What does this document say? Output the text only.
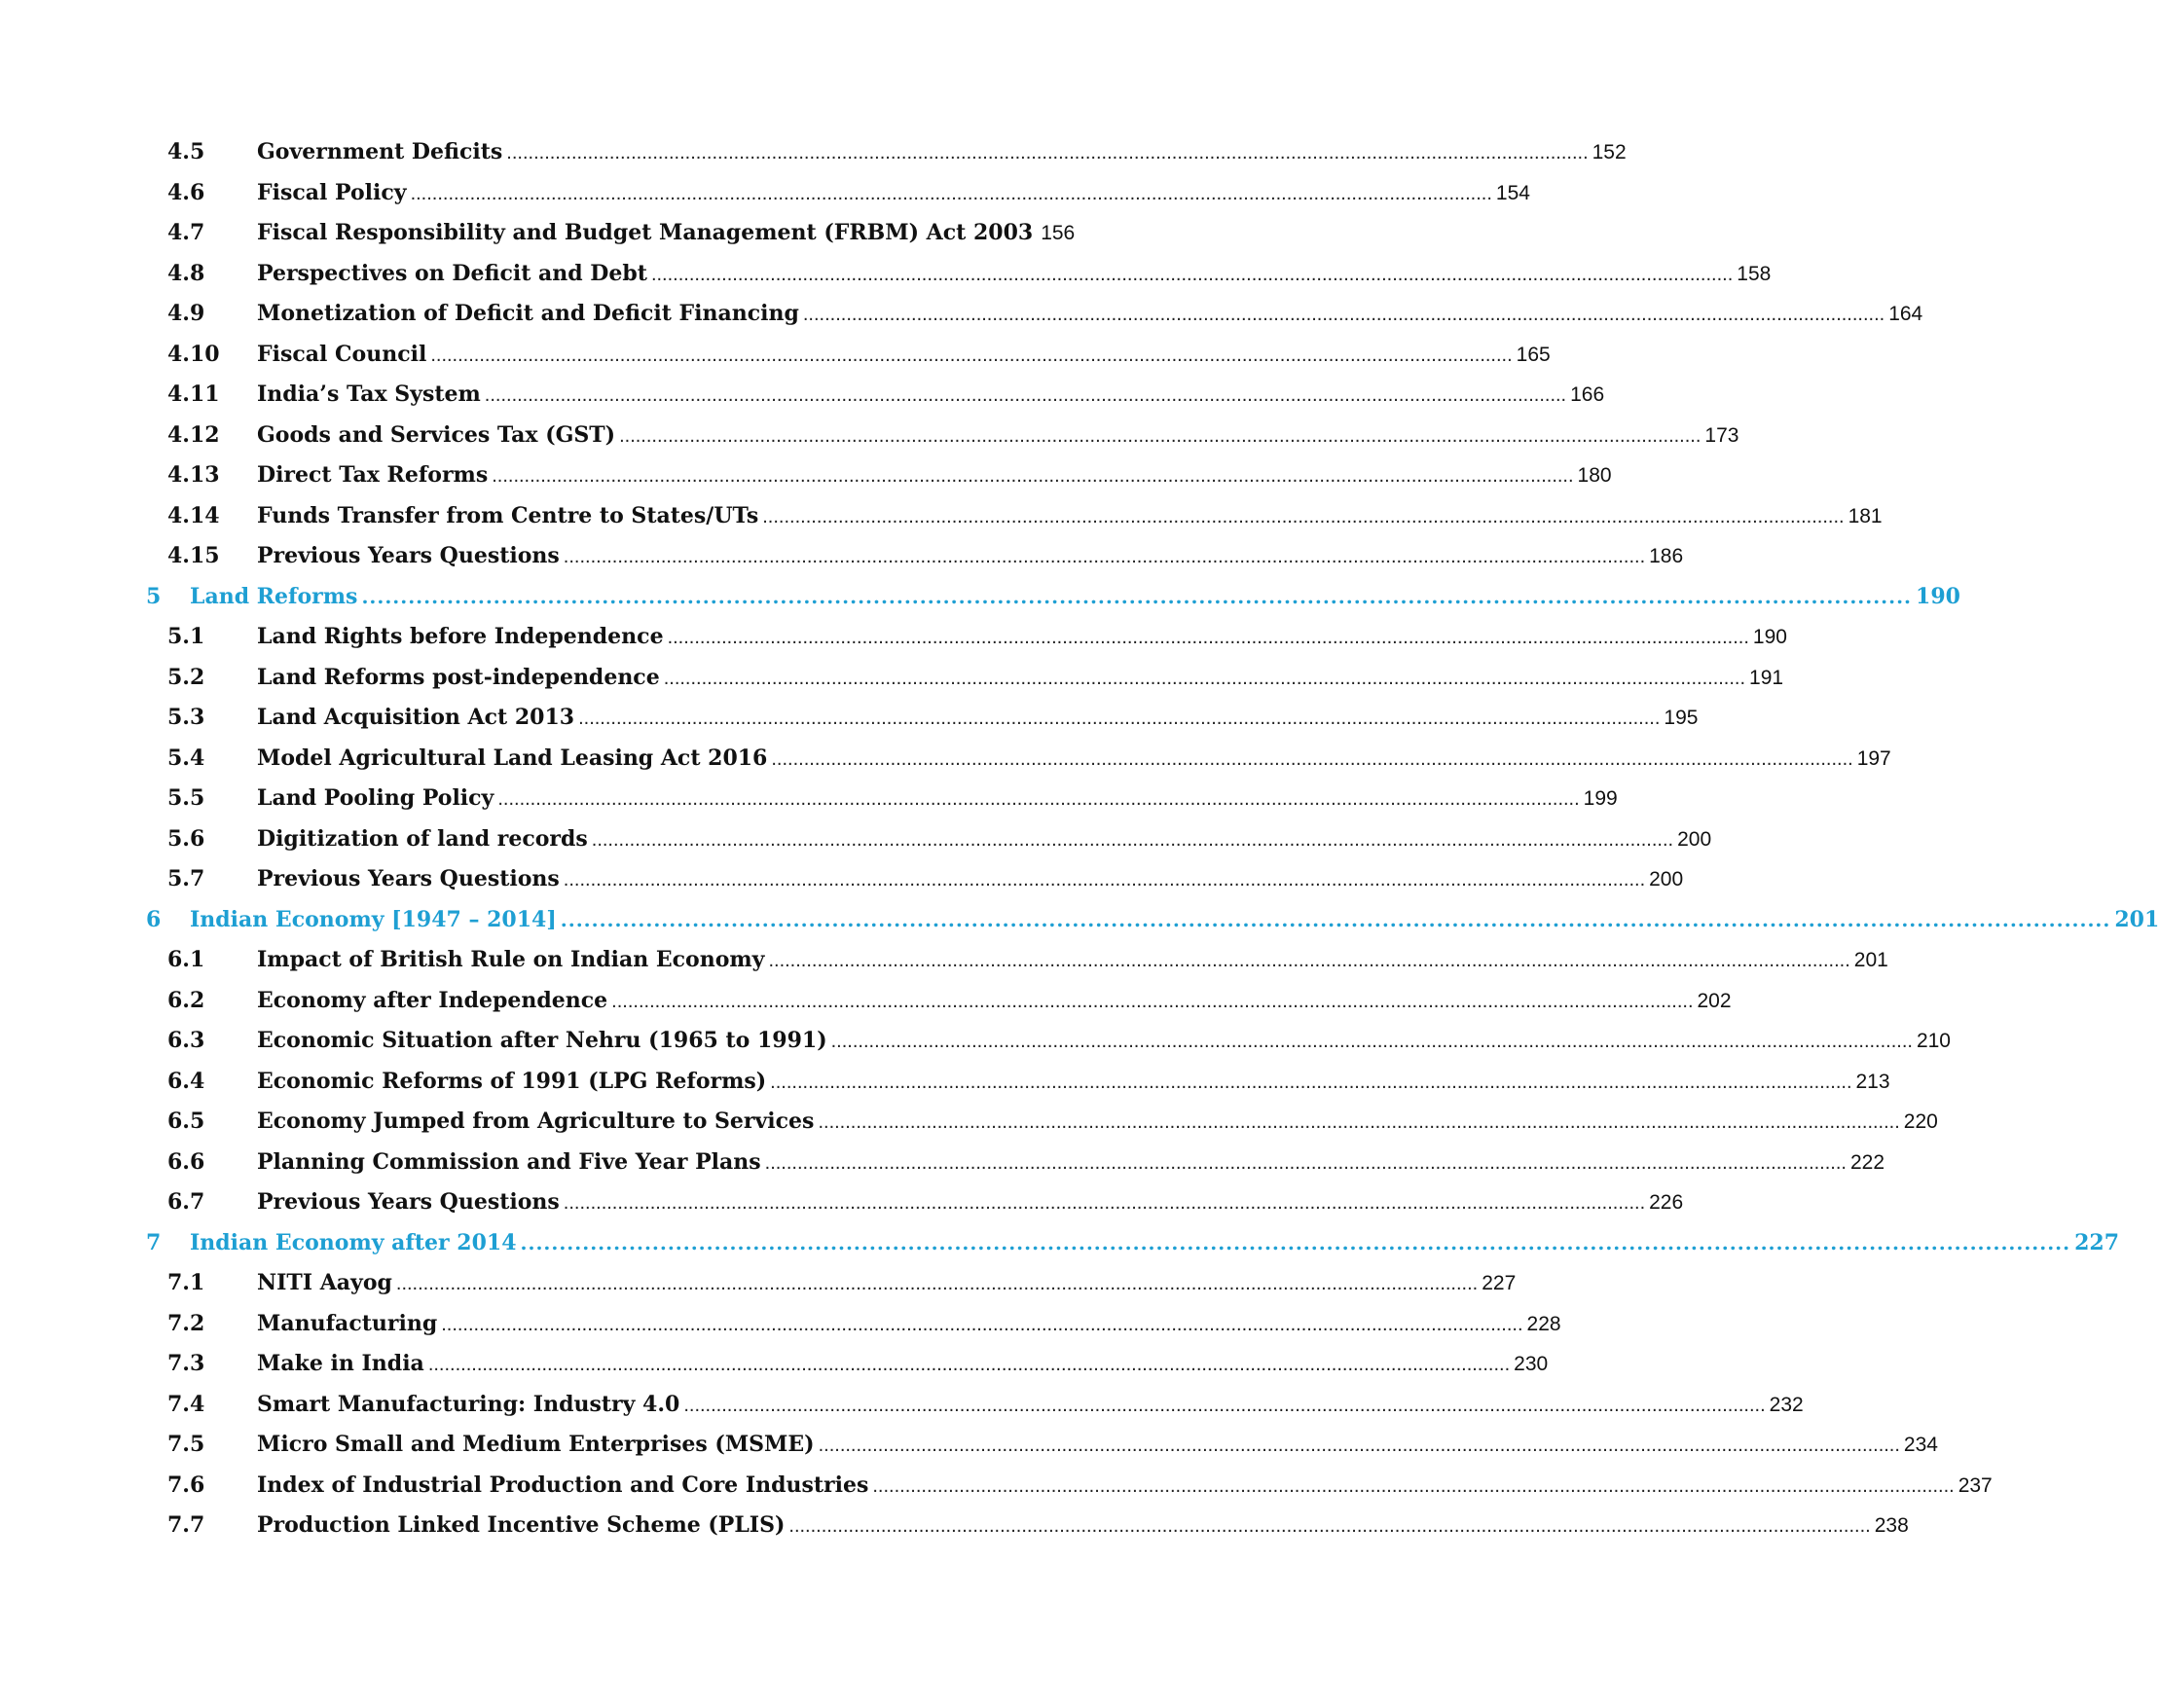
4.5	Government Deficits ........................................................................................................................................................................................................ 152
4.6	Fiscal Policy ........................................................................................................................................................................................................ 154
4.7	Fiscal Responsibility and Budget Management (FRBM) Act 2003 156
4.8	Perspectives on Deficit and Debt ........................................................................................................................................................................................................ 158
4.9	Monetization of Deficit and Deficit Financing ........................................................................................................................................................................................................ 164
4.10	Fiscal Council ........................................................................................................................................................................................................ 165
4.11	India’s Tax System ........................................................................................................................................................................................................ 166
4.12	Goods and Services Tax (GST) ........................................................................................................................................................................................................ 173
4.13	Direct Tax Reforms ........................................................................................................................................................................................................ 180
4.14	Funds Transfer from Centre to States/UTs ........................................................................................................................................................................................................ 181
4.15	Previous Years Questions ........................................................................................................................................................................................................ 186
5	Land Reforms ........................................................................................................................................................................................................ 190
5.1	Land Rights before Independence ........................................................................................................................................................................................................ 190
5.2	Land Reforms post-independence ........................................................................................................................................................................................................ 191
5.3	Land Acquisition Act 2013 ........................................................................................................................................................................................................ 195
5.4	Model Agricultural Land Leasing Act 2016 ........................................................................................................................................................................................................ 197
5.5	Land Pooling Policy ........................................................................................................................................................................................................ 199
5.6	Digitization of land records ........................................................................................................................................................................................................ 200
5.7	Previous Years Questions ........................................................................................................................................................................................................ 200
6	Indian Economy [1947 – 2014] ........................................................................................................................................................................................................ 201
6.1	Impact of British Rule on Indian Economy ........................................................................................................................................................................................................ 201
6.2	Economy after Independence ........................................................................................................................................................................................................ 202
6.3	Economic Situation after Nehru (1965 to 1991) ........................................................................................................................................................................................................ 210
6.4	Economic Reforms of 1991 (LPG Reforms) ........................................................................................................................................................................................................ 213
6.5	Economy Jumped from Agriculture to Services ........................................................................................................................................................................................................ 220
6.6	Planning Commission and Five Year Plans ........................................................................................................................................................................................................ 222
6.7	Previous Years Questions ........................................................................................................................................................................................................ 226
7	Indian Economy after 2014 ........................................................................................................................................................................................................ 227
7.1	NITI Aayog ........................................................................................................................................................................................................ 227
7.2	Manufacturing ........................................................................................................................................................................................................ 228
7.3	Make in India ........................................................................................................................................................................................................ 230
7.4	Smart Manufacturing: Industry 4.0 ........................................................................................................................................................................................................ 232
7.5	Micro Small and Medium Enterprises (MSME) ........................................................................................................................................................................................................ 234
7.6	Index of Industrial Production and Core Industries ........................................................................................................................................................................................................ 237
7.7	Production Linked Incentive Scheme (PLIS) ........................................................................................................................................................................................................ 238
